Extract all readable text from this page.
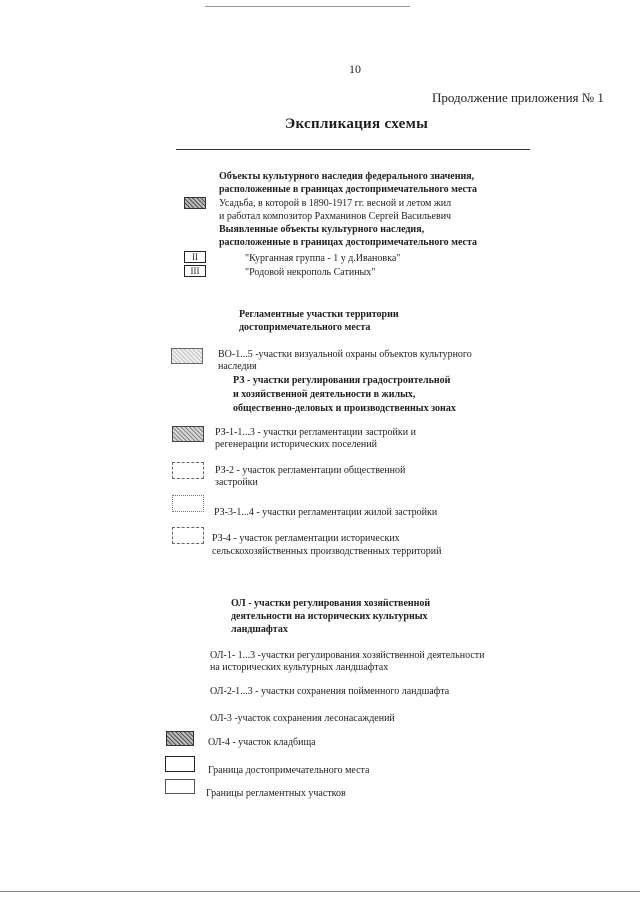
10
Продолжение приложения № 1
Экспликация схемы
Объекты культурного наследия федерального значения,
расположенные в границах достопримечательного места
Усадьба, в которой в 1890-1917 гг. весной и летом жил
и работал композитор Рахманинов Сергей Васильевич
Выявленные объекты культурного наследия,
расположенные в границах достопримечательного места
II	"Курганная группа - 1 у д.Ивановка"
III	"Родовой некрополь Сатиных"
Регламентные участки территории
достопримечательного места
ВО-1...5 -участки визуальной охраны объектов культурного
наследия
РЗ - участки регулирования градостроительной
и хозяйственной деятельности в жилых,
общественно-деловых и производственных зонах
РЗ-1-1...3 - участки регламентации застройки и
регенерации исторических поселений
РЗ-2 - участок регламентации общественной
застройки
РЗ-3-1...4 - участки регламентации жилой застройки
РЗ-4 - участок регламентации исторических
сельскохозяйственных производственных территорий
ОЛ - участки регулирования хозяйственной
деятельности на исторических культурных
ландшафтах
ОЛ-1- 1...3 -участки регулирования хозяйственной деятельности
на исторических культурных ландшафтах
ОЛ-2-1...3 - участки сохранения пойменного ландшафта
ОЛ-3 -участок сохранения лесонасаждений
ОЛ-4 - участок кладбища
Граница достопримечательного места
Границы регламентных участков
